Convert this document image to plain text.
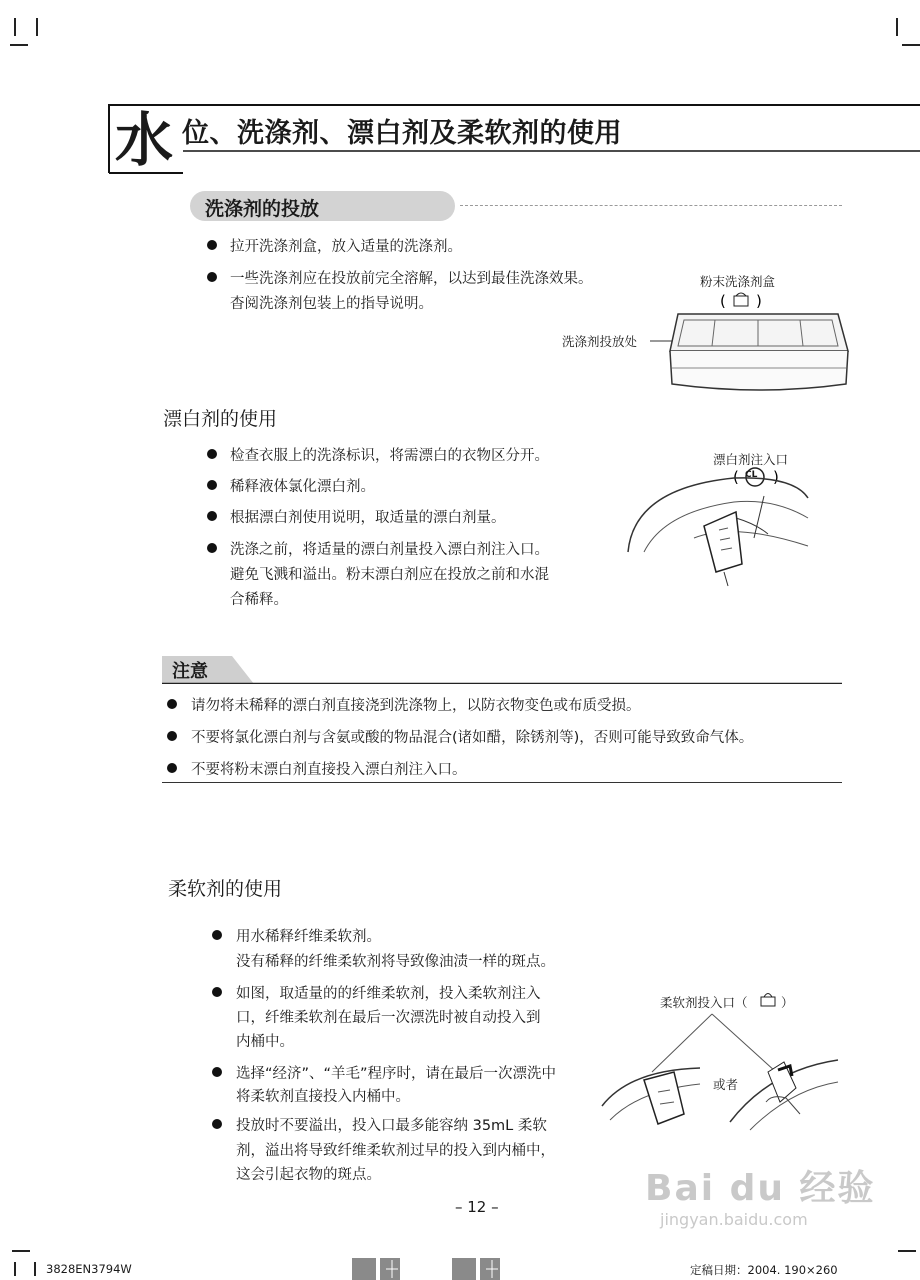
水 位、洗涤剂、漂白剂及柔软剂的使用
洗涤剂的投放
拉开洗涤剂盒，放入适量的洗涤剂。
一些洗涤剂应在投放前完全溶解，以达到最佳洗涤效果。
杳阅洗涤剂包装上的指导说明。
粉末洗涤剂盒
( )
洗涤剂投放处
漂白剂的使用
检查衣服上的洗涤标识，将需漂白的衣物区分开。
稀释液体氯化漂白剂。
根据漂白剂使用说明，取适量的漂白剂量。
洗涤之前，将适量的漂白剂量投入漂白剂注入口。
避免飞溅和溢出。粉末漂白剂应在投放之前和水混
合稀释。
漂白剂注入口
( )
CL
注意
请勿将未稀释的漂白剂直接浇到洗涤物上，以防衣物变色或布质受损。
不要将氯化漂白剂与含氨或酸的物品混合(诸如醋，除锈剂等)，否则可能导致致命气体。
不要将粉末漂白剂直接投入漂白剂注入口。
柔软剂的使用
用水稀释纤维柔软剂。
没有稀释的纤维柔软剂将导致像油渍一样的斑点。
如图，取适量的的纤维柔软剂，投入柔软剂注入
口，纤维柔软剂在最后一次漂洗时被自动投入到
内桶中。
选择“经济”、“羊毛”程序时，请在最后一次漂洗中
将柔软剂直接投入内桶中。
投放时不要溢出，投入口最多能容纳 35mL 柔软
剂，溢出将导致纤维柔软剂过早的投入到内桶中，
这会引起衣物的斑点。
柔软剂投入口（	）
或者
– 12 –	Bai du 经验
jingyan.baidu.com
3828EN3794W	定稿日期：2004. 190×260
